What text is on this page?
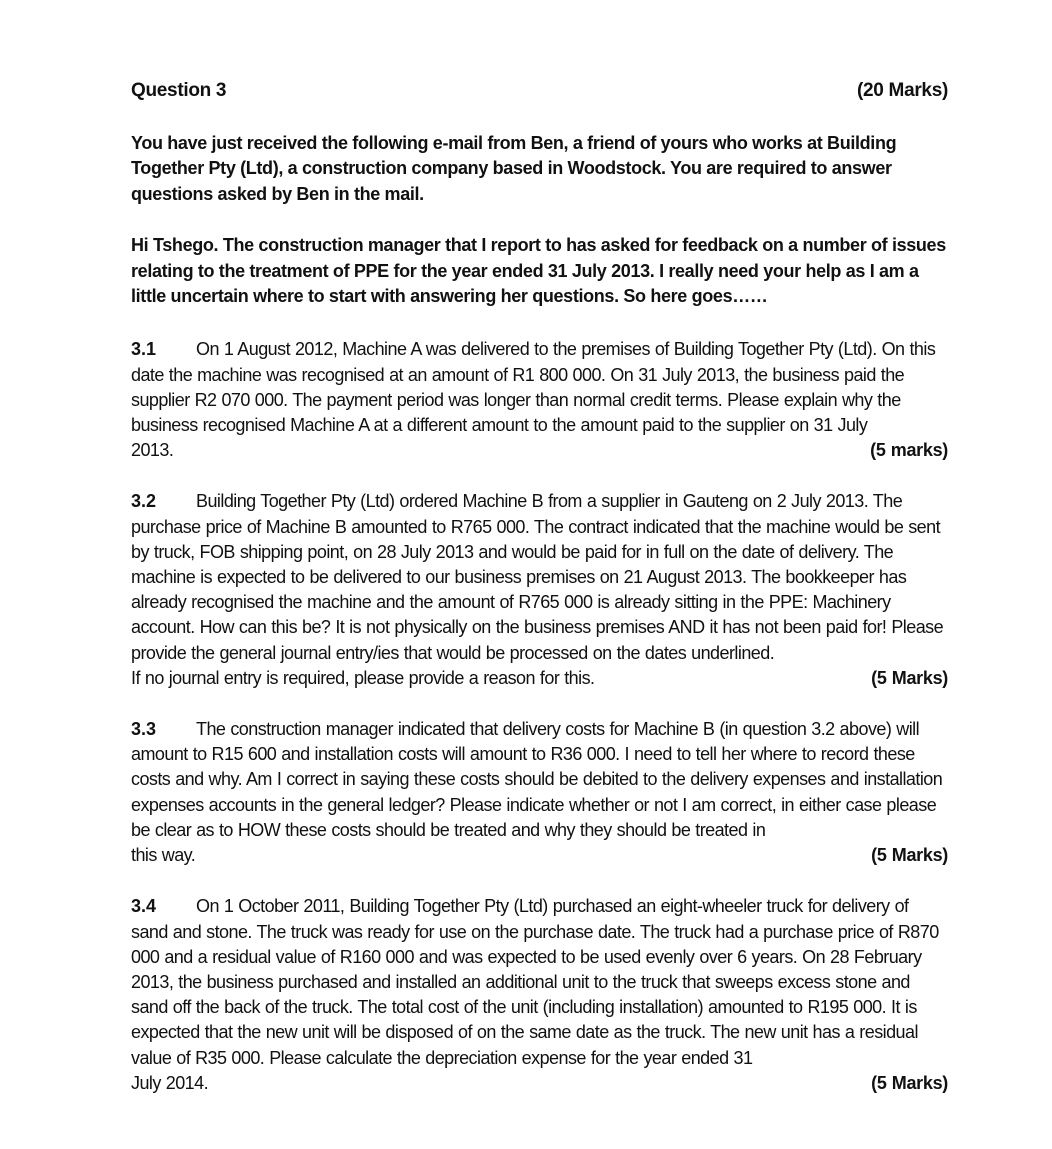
Question 3	(20 Marks)

You have just received the following e-mail from Ben, a friend of yours who works at Building Together Pty (Ltd), a construction company based in Woodstock. You are required to answer questions asked by Ben in the mail.

Hi Tshego. The construction manager that I report to has asked for feedback on a number of issues relating to the treatment of PPE for the year ended 31 July 2013. I really need your help as I am a little uncertain where to start with answering her questions. So here goes……

3.1 On 1 August 2012, Machine A was delivered to the premises of Building Together Pty (Ltd). On this date the machine was recognised at an amount of R1 800 000. On 31 July 2013, the business paid the supplier R2 070 000. The payment period was longer than normal credit terms. Please explain why the business recognised Machine A at a different amount to the amount paid to the supplier on 31 July
2013.	(5 marks)
3.2 Building Together Pty (Ltd) ordered Machine B from a supplier in Gauteng on 2 July 2013. The purchase price of Machine B amounted to R765 000. The contract indicated that the machine would be sent by truck, FOB shipping point, on 28 July 2013 and would be paid for in full on the date of delivery. The machine is expected to be delivered to our business premises on 21 August 2013. The bookkeeper has already recognised the machine and the amount of R765 000 is already sitting in the PPE: Machinery account. How can this be? It is not physically on the business premises AND it has not been paid for! Please provide the general journal entry/ies that would be processed on the dates underlined.
If no journal entry is required, please provide a reason for this.	(5 Marks)
3.3 The construction manager indicated that delivery costs for Machine B (in question 3.2 above) will amount to R15 600 and installation costs will amount to R36 000. I need to tell her where to record these costs and why. Am I correct in saying these costs should be debited to the delivery expenses and installation expenses accounts in the general ledger? Please indicate whether or not I am correct, in either case please be clear as to HOW these costs should be treated and why they should be treated in
this way.	(5 Marks)
3.4 On 1 October 2011, Building Together Pty (Ltd) purchased an eight-wheeler truck for delivery of sand and stone. The truck was ready for use on the purchase date. The truck had a purchase price of R870 000 and a residual value of R160 000 and was expected to be used evenly over 6 years. On 28 February 2013, the business purchased and installed an additional unit to the truck that sweeps excess stone and sand off the back of the truck. The total cost of the unit (including installation) amounted to R195 000. It is expected that the new unit will be disposed of on the same date as the truck. The new unit has a residual value of R35 000. Please calculate the depreciation expense for the year ended 31
July 2014.	(5 Marks)
